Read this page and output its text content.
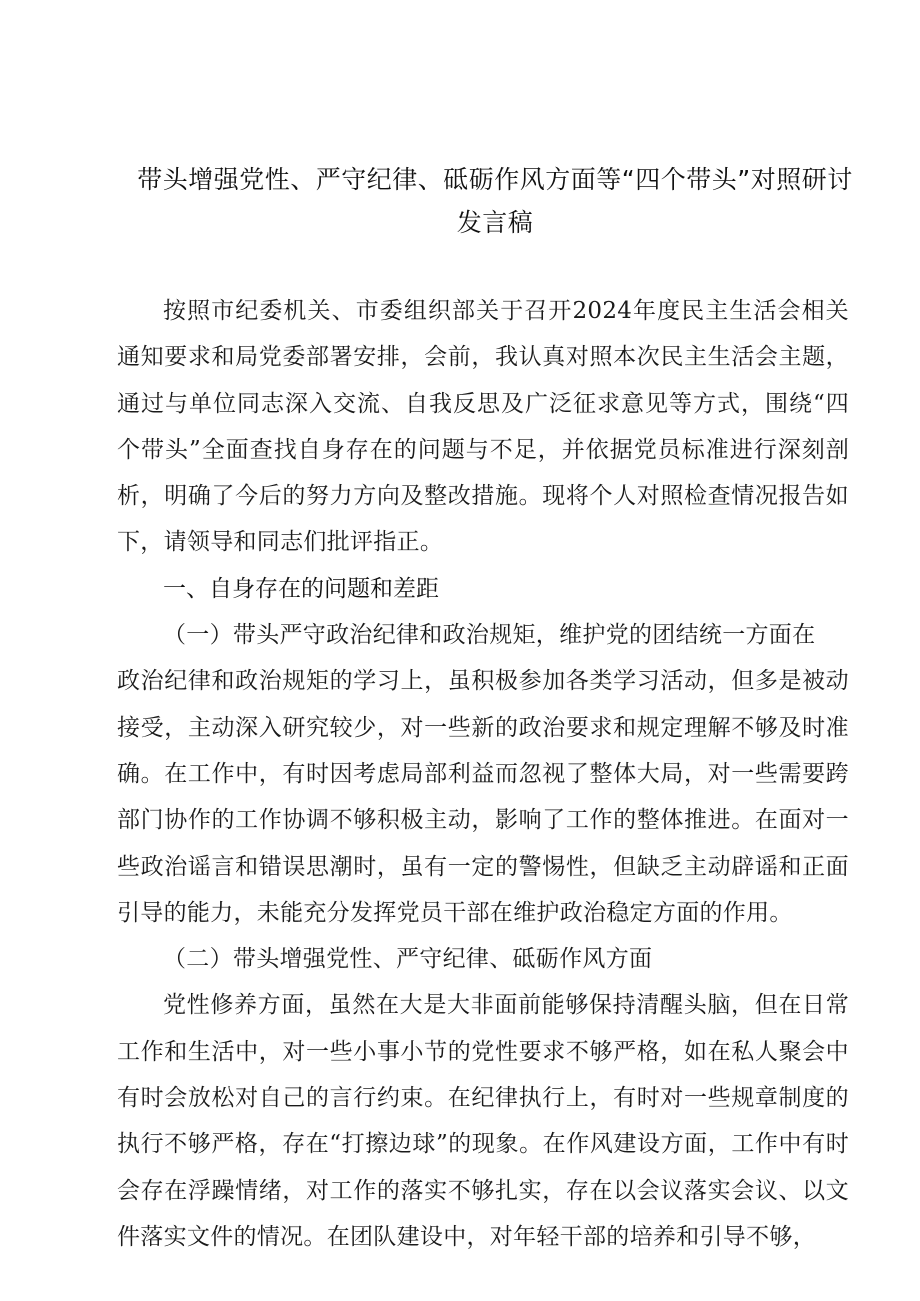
带头增强党性、严守纪律、砥砺作风方面等“四个带头”对照研讨
发言稿

按照市纪委机关、市委组织部关于召开2024年度民主生活会相关通知要求和局党委部署安排，会前，我认真对照本次民主生活会主题，通过与单位同志深入交流、自我反思及广泛征求意见等方式，围绕“四个带头”全面查找自身存在的问题与不足，并依据党员标准进行深刻剖析，明确了今后的努力方向及整改措施。现将个人对照检查情况报告如下，请领导和同志们批评指正。

一、自身存在的问题和差距

（一）带头严守政治纪律和政治规矩，维护党的团结统一方面在

政治纪律和政治规矩的学习上，虽积极参加各类学习活动，但多是被动接受，主动深入研究较少，对一些新的政治要求和规定理解不够及时准确。在工作中，有时因考虑局部利益而忽视了整体大局，对一些需要跨部门协作的工作协调不够积极主动，影响了工作的整体推进。在面对一些政治谣言和错误思潮时，虽有一定的警惕性，但缺乏主动辟谣和正面引导的能力，未能充分发挥党员干部在维护政治稳定方面的作用。

（二）带头增强党性、严守纪律、砥砺作风方面

党性修养方面，虽然在大是大非面前能够保持清醒头脑，但在日常工作和生活中，对一些小事小节的党性要求不够严格，如在私人聚会中有时会放松对自己的言行约束。在纪律执行上，有时对一些规章制度的执行不够严格，存在“打擦边球”的现象。在作风建设方面，工作中有时会存在浮躁情绪，对工作的落实不够扎实，存在以会议落实会议、以文件落实文件的情况。在团队建设中，对年轻干部的培养和引导不够，
